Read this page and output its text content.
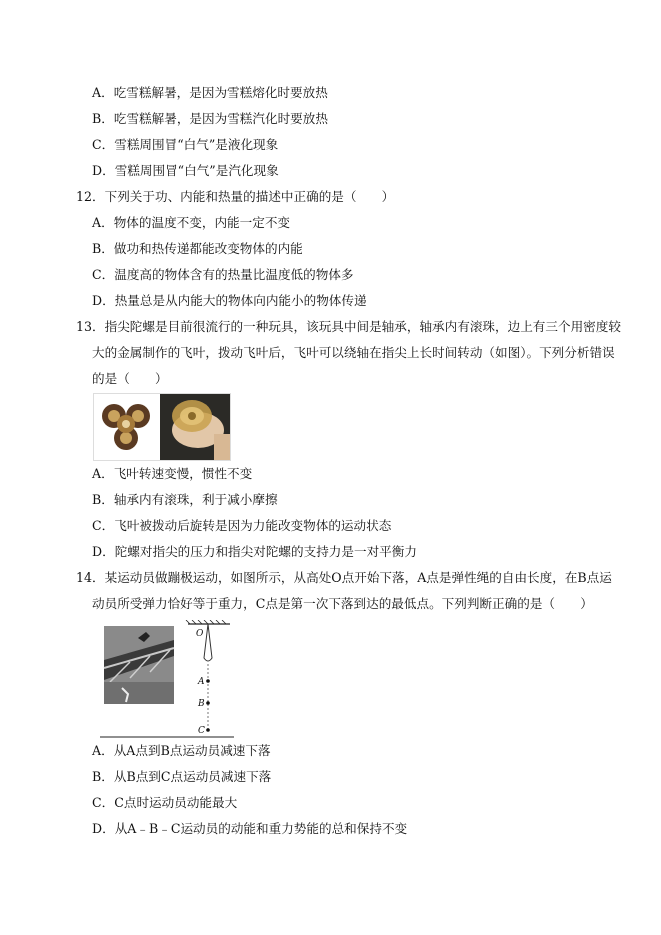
A．吃雪糕解暑，是因为雪糕熔化时要放热
B．吃雪糕解暑，是因为雪糕汽化时要放热
C．雪糕周围冒“白气”是液化现象
D．雪糕周围冒“白气”是汽化现象
12．下列关于功、内能和热量的描述中正确的是（　　）
A．物体的温度不变，内能一定不变
B．做功和热传递都能改变物体的内能
C．温度高的物体含有的热量比温度低的物体多
D．热量总是从内能大的物体向内能小的物体传递
13．指尖陀螺是目前很流行的一种玩具，该玩具中间是轴承，轴承内有滚珠，边上有三个用密度较
大的金属制作的飞叶，拨动飞叶后，飞叶可以绕轴在指尖上长时间转动（如图）。下列分析错误
的是（　　）
A．飞叶转速变慢，惯性不变
B．轴承内有滚珠，利于减小摩擦
C．飞叶被拨动后旋转是因为力能改变物体的运动状态
D．陀螺对指尖的压力和指尖对陀螺的支持力是一对平衡力
14．某运动员做蹦极运动，如图所示，从高处O点开始下落，A点是弹性绳的自由长度，在B点运
动员所受弹力恰好等于重力，C点是第一次下落到达的最低点。下列判断正确的是（　　）
O
A
B
C
A．从A点到B点运动员减速下落
B．从B点到C点运动员减速下落
C．C点时运动员动能最大
D．从A﹣B﹣C运动员的动能和重力势能的总和保持不变
